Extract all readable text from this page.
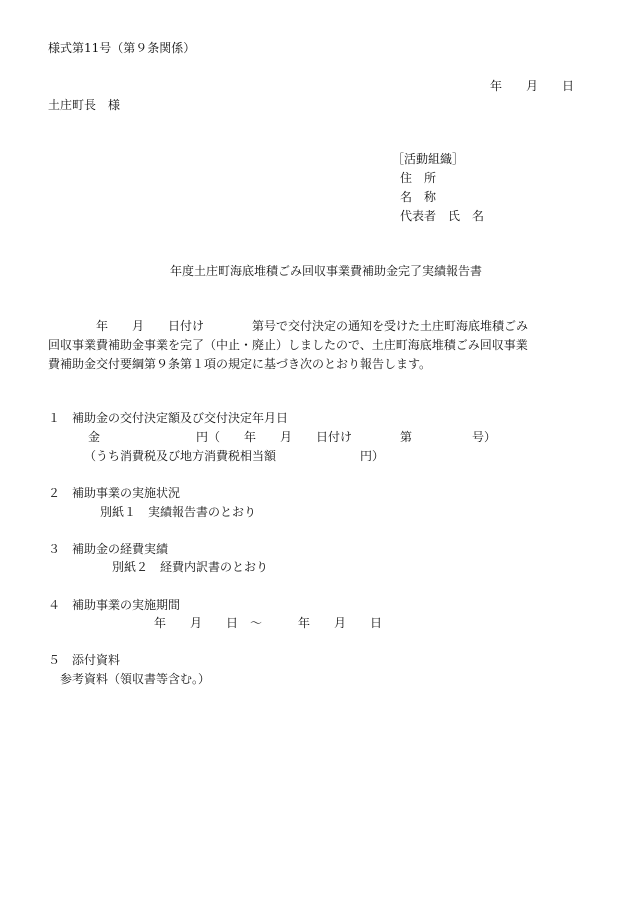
様式第11号（第９条関係）
年　　月　　日
土庄町長　様
［活動組織］
住　所
名　称
代表者　氏　名
年度土庄町海底堆積ごみ回収事業費補助金完了実績報告書
　　　　年　　月　　日付け　　　　第号で交付決定の通知を受けた土庄町海底堆積ごみ
回収事業費補助金事業を完了（中止・廃止）しましたので、土庄町海底堆積ごみ回収事業
費補助金交付要綱第９条第１項の規定に基づき次のとおり報告します。
１　補助金の交付決定額及び交付決定年月日
金　　　　　　　　円（　　年　　月　　日付け　　　　第　　　　　号）
（うち消費税及び地方消費税相当額　　　　　　　円）
２　補助事業の実施状況
別紙１　実績報告書のとおり
３　補助金の経費実績
別紙２　経費内訳書のとおり
４　補助事業の実施期間
年　　月　　日　～　　　年　　月　　日
５　添付資料
参考資料（領収書等含む。）
